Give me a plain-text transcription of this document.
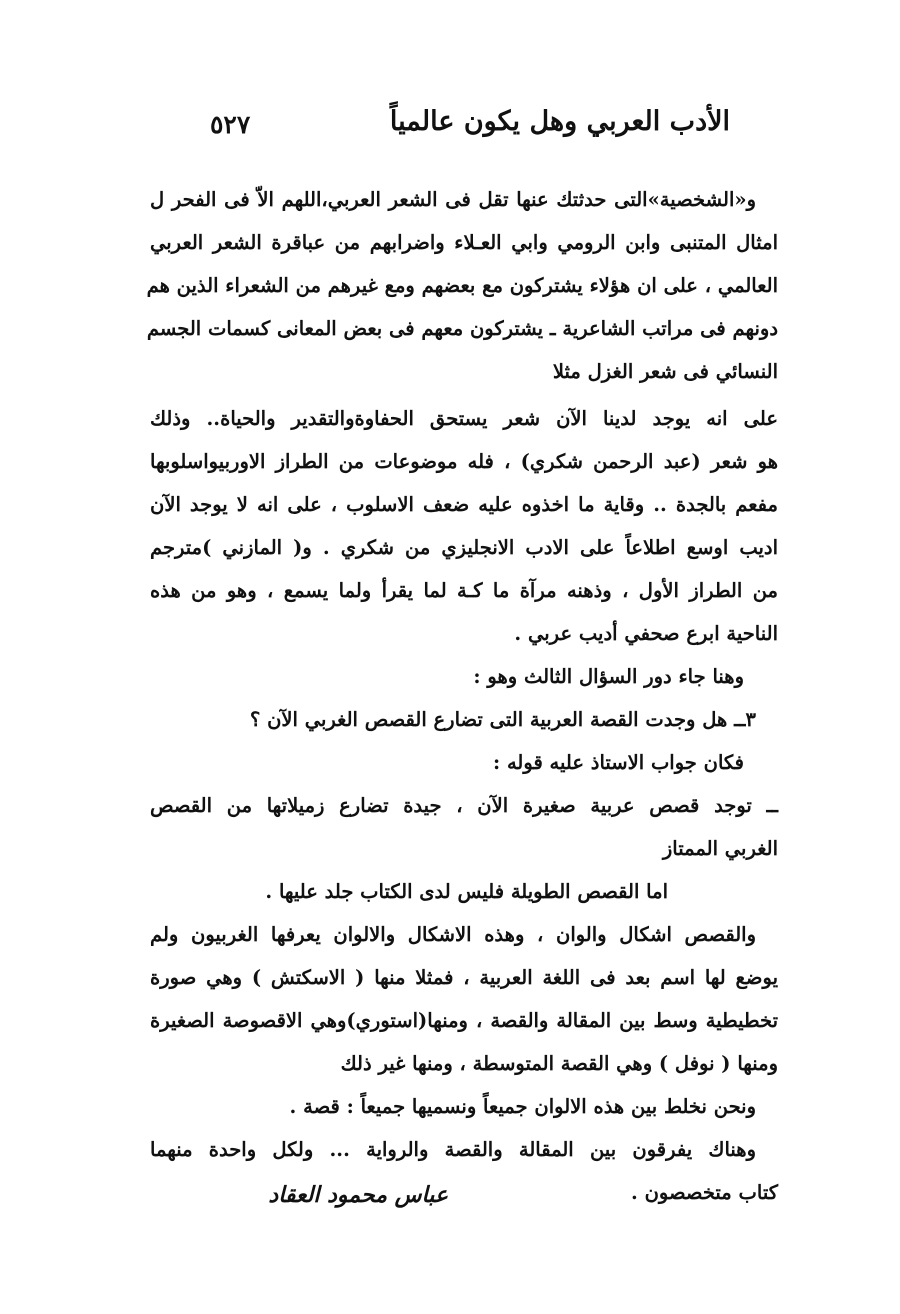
الأدب العربي وهل يكون عالمياً
٥٢٧
و«الشخصية»التى حدثتك عنها تقل فى الشعر العربي،اللهم الاّ فى الفحر ل
امثال المتنبى وابن الرومي وابي العـلاء واضرابهم من عباقرة الشعر العربي
العالمي ، على ان هؤلاء يشتركون مع بعضهم ومع غيرهم من الشعراء الذين هم
دونهم فى مراتب الشاعرية ـ يشتركون معهم فى بعض المعانى كسمات الجسم
النسائي فى شعر الغزل مثلا
على انه يوجد لدينا الآن شعر يستحق الحفاوةوالتقدير والحياة.. وذلك
هو شعر (عبد الرحمن شكري) ، فله موضوعات من الطراز الاوربيواسلوبها
مفعم بالجدة .. وقاية ما اخذوه عليه ضعف الاسلوب ، على انه لا يوجد الآن
اديب اوسع اطلاعاً على الادب الانجليزي من شكري . و( المازني )مترجم
من الطراز الأول ، وذهنه مرآة ما كـة لما يقرأ ولما يسمع ، وهو من هذه
الناحية ابرع صحفي أديب عربي .
وهنا جاء دور السؤال الثالث وهو :
٣ــ هل وجدت القصة العربية التى تضارع القصص الغربي الآن ؟
فكان جواب الاستاذ عليه قوله :
ــ توجد قصص عربية صغيرة الآن ، جيدة تضارع زميلاتها من القصص
الغربي الممتاز
اما القصص الطويلة فليس لدى الكتاب جلد عليها .
والقصص اشكال والوان ، وهذه الاشكال والالوان يعرفها الغربيون ولم
يوضع لها اسم بعد فى اللغة العربية ، فمثلا منها ( الاسكتش ) وهي صورة
تخطيطية وسط بين المقالة والقصة ، ومنها(استوري)وهي الاقصوصة الصغيرة
ومنها ( نوفل ) وهي القصة المتوسطة ، ومنها غير ذلك
ونحن نخلط بين هذه الالوان جميعاً ونسميها جميعاً : قصة .
وهناك يفرقون بين المقالة والقصة والرواية ... ولكل واحدة منهما
كتاب متخصصون .
عباس محمود العقاد
